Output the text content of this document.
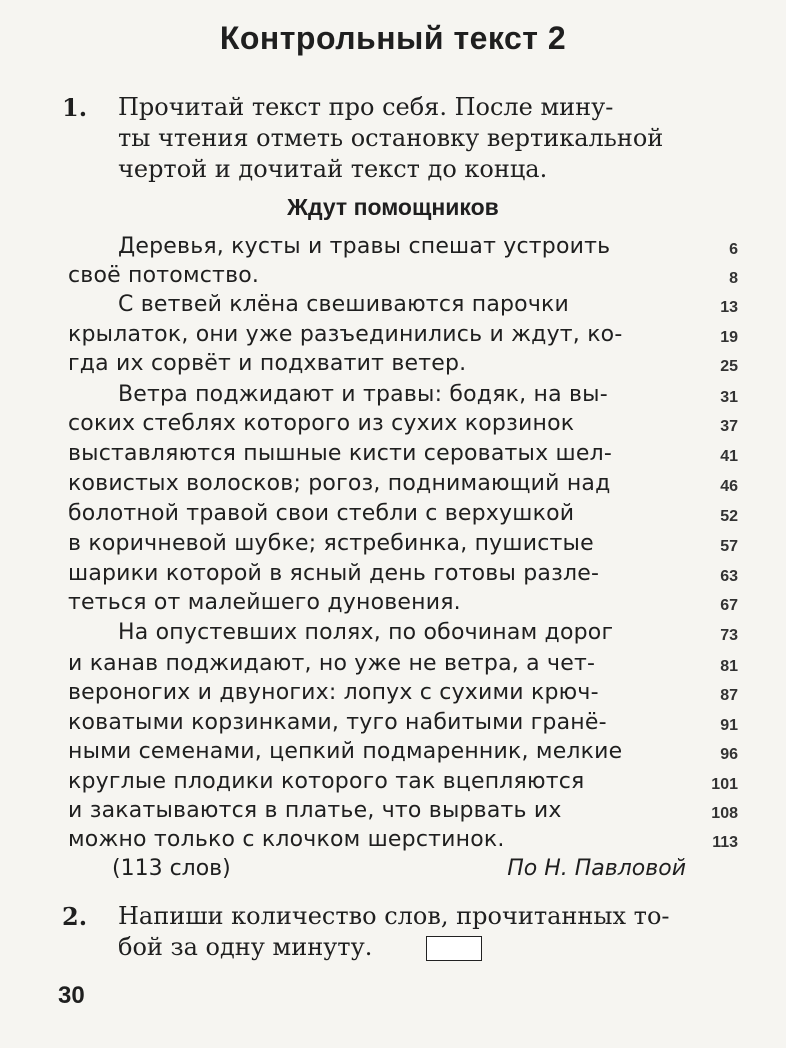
Контрольный текст 2
1. Прочитай текст про себя. После мину-
ты чтения отметь остановку вертикальной
чертой и дочитай текст до конца.
Ждут помощников
Деревья, кусты и травы спешат устроить	6
своё потомство.	8
С ветвей клёна свешиваются парочки	13
крылаток, они уже разъединились и ждут, ко-	19
гда их сорвёт и подхватит ветер.	25
Ветра поджидают и травы: бодяк, на вы-	31
соких стеблях которого из сухих корзинок	37
выставляются пышные кисти сероватых шел-	41
ковистых волосков; рогоз, поднимающий над	46
болотной травой свои стебли с верхушкой	52
в коричневой шубке; ястребинка, пушистые	57
шарики которой в ясный день готовы разле-	63
теться от малейшего дуновения.	67
На опустевших полях, по обочинам дорог	73
и канав поджидают, но уже не ветра, а чет-	81
вероногих и двуногих: лопух с сухими крюч-	87
коватыми корзинками, туго набитыми гранё-	91
ными семенами, цепкий подмаренник, мелкие	96
круглые плодики которого так вцепляются	101
и закатываются в платье, что вырвать их	108
можно только с клочком шерстинок.	113
(113 слов)	По Н. Павловой
2. Напиши количество слов, прочитанных то-
бой за одну минуту.
30
